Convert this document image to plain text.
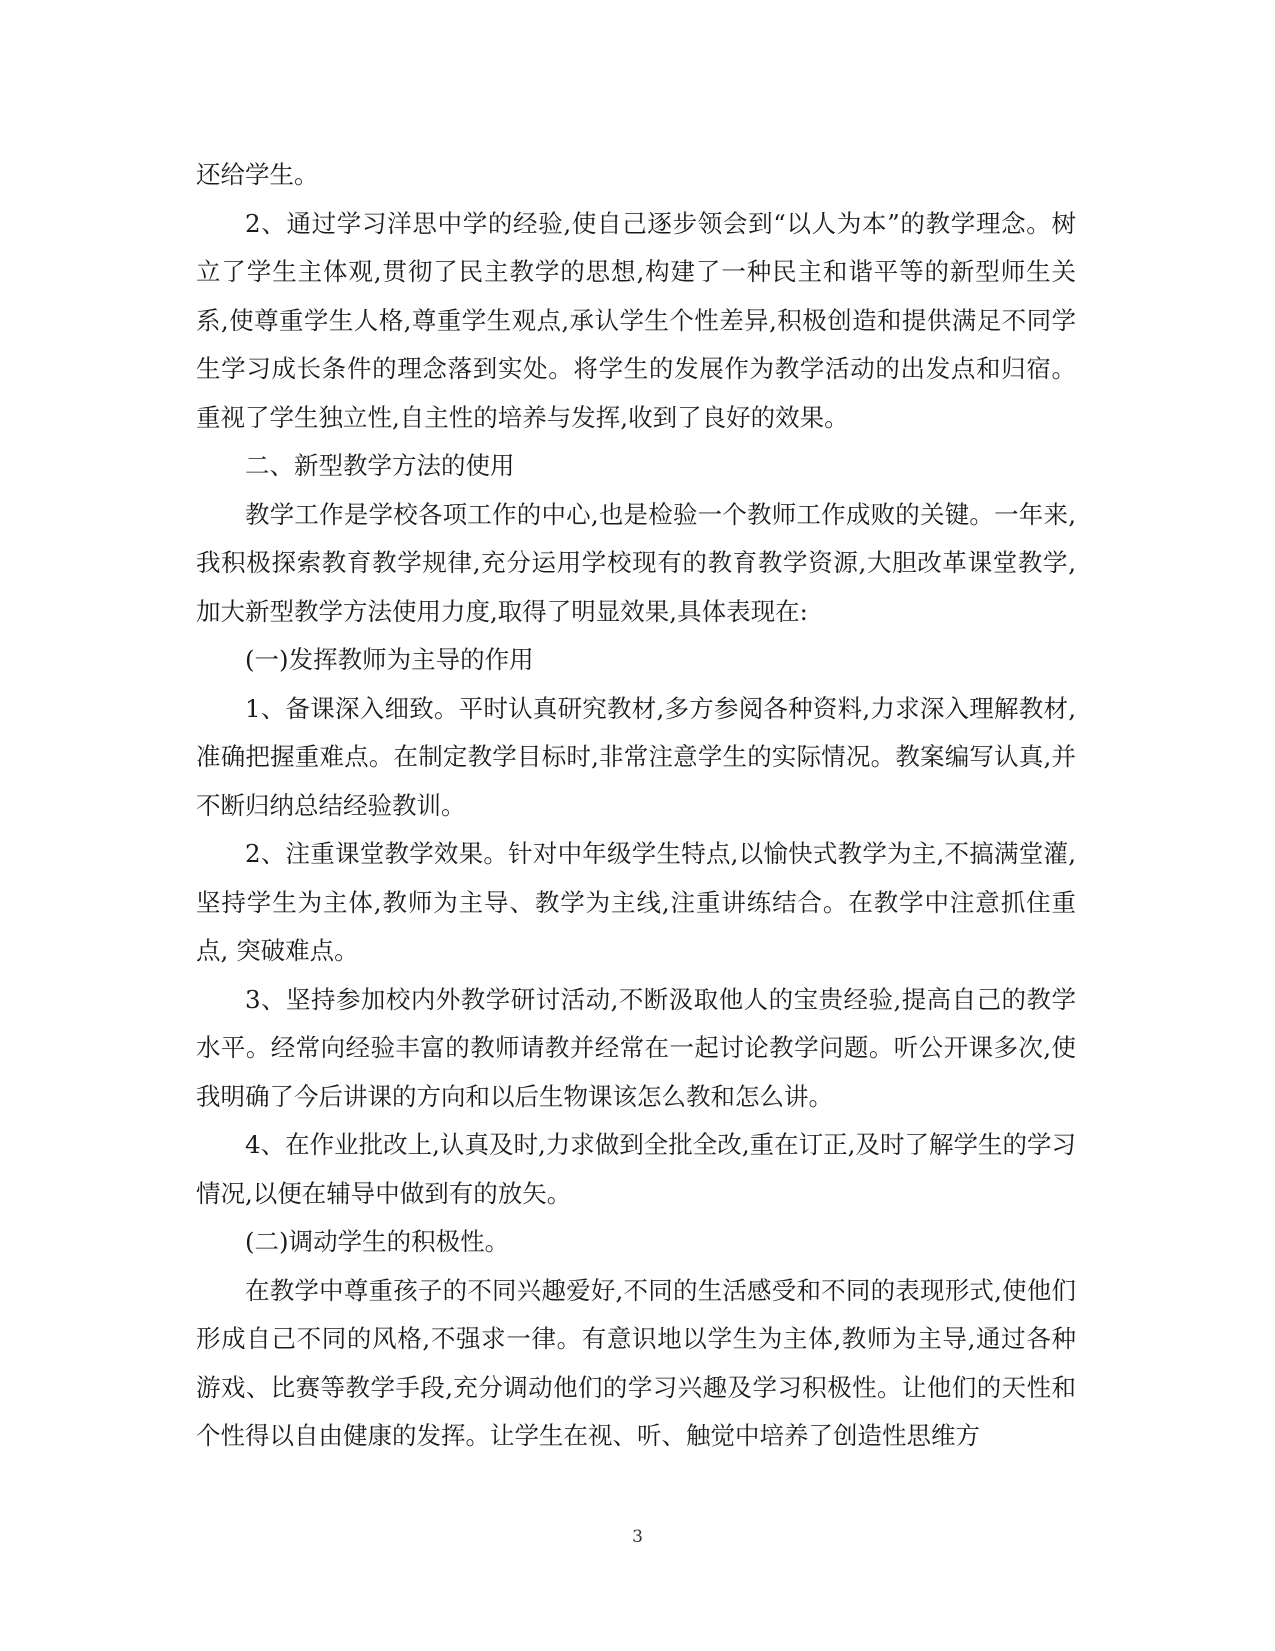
还给学生。

2、通过学习洋思中学的经验,使自己逐步领会到“以人为本”的教学理念。树立了学生主体观,贯彻了民主教学的思想,构建了一种民主和谐平等的新型师生关系,使尊重学生人格,尊重学生观点,承认学生个性差异,积极创造和提供满足不同学生学习成长条件的理念落到实处。将学生的发展作为教学活动的出发点和归宿。重视了学生独立性,自主性的培养与发挥,收到了良好的效果。

二、新型教学方法的使用

教学工作是学校各项工作的中心,也是检验一个教师工作成败的关键。一年来,我积极探索教育教学规律,充分运用学校现有的教育教学资源,大胆改革课堂教学,加大新型教学方法使用力度,取得了明显效果,具体表现在:

(一)发挥教师为主导的作用

1、备课深入细致。平时认真研究教材,多方参阅各种资料,力求深入理解教材,准确把握重难点。在制定教学目标时,非常注意学生的实际情况。教案编写认真,并不断归纳总结经验教训。

2、注重课堂教学效果。针对中年级学生特点,以愉快式教学为主,不搞满堂灌,坚持学生为主体,教师为主导、教学为主线,注重讲练结合。在教学中注意抓住重点, 突破难点。

3、坚持参加校内外教学研讨活动,不断汲取他人的宝贵经验,提高自己的教学水平。经常向经验丰富的教师请教并经常在一起讨论教学问题。听公开课多次,使我明确了今后讲课的方向和以后生物课该怎么教和怎么讲。

4、在作业批改上,认真及时,力求做到全批全改,重在订正,及时了解学生的学习情况,以便在辅导中做到有的放矢。

(二)调动学生的积极性。

在教学中尊重孩子的不同兴趣爱好,不同的生活感受和不同的表现形式,使他们形成自己不同的风格,不强求一律。有意识地以学生为主体,教师为主导,通过各种游戏、比赛等教学手段,充分调动他们的学习兴趣及学习积极性。让他们的天性和个性得以自由健康的发挥。让学生在视、听、触觉中培养了创造性思维方

3
